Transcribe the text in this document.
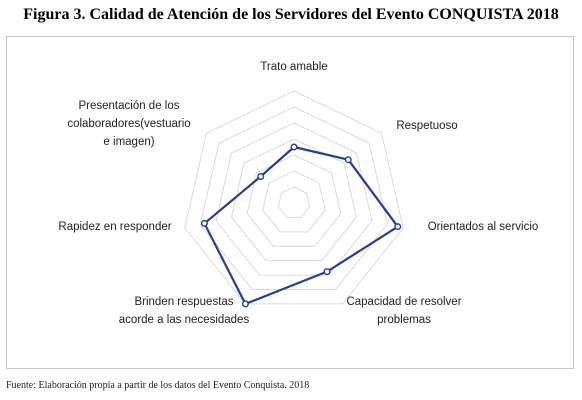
Figura 3. Calidad de Atención de los Servidores del Evento CONQUISTA 2018
Trato amable
Respetuoso
Orientados al servicio
Capacidad de resolver problemas
Brinden respuestas acorde a las necesidades
Rapidez en responder
Presentación de los colaboradores(vestuario e imagen)
Fuente: Elaboración propia a partir de los datos del Evento Conquista. 2018
